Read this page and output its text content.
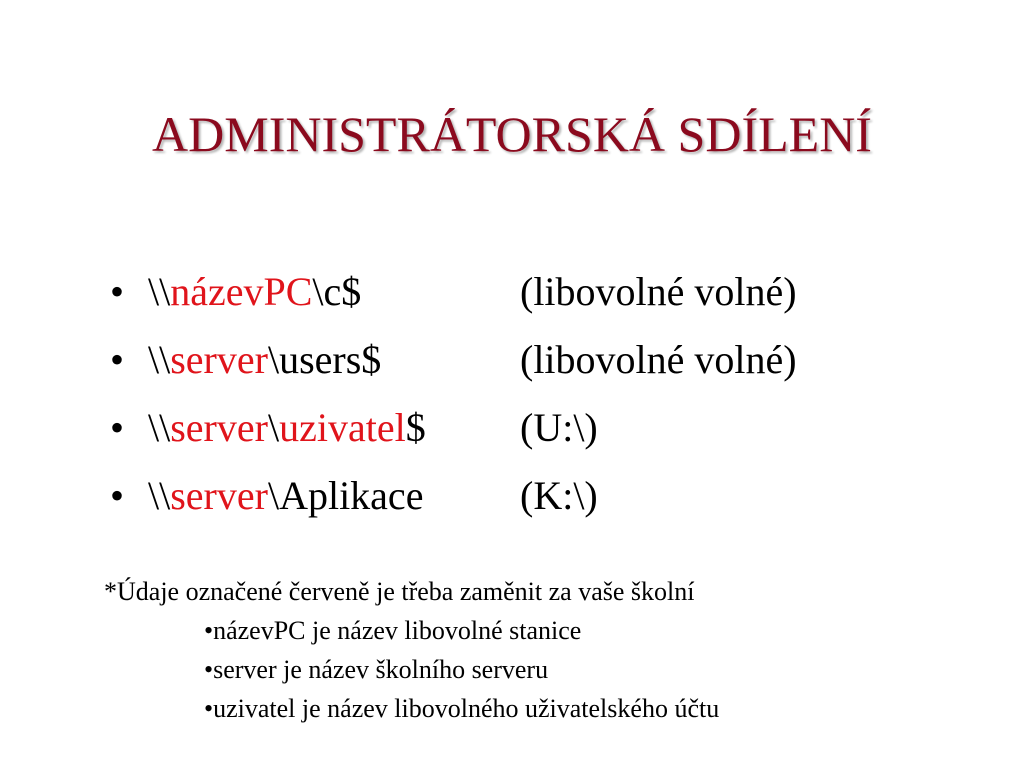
ADMINISTRÁTORSKÁ SDÍLENÍ
• \\názevPC\c$	(libovolné volné)
• \\server\users$	(libovolné volné)
• \\server\uzivatel$ (U:\)
• \\server\Aplikace (K:\)
*Údaje označené červeně je třeba zaměnit za vaše školní
•názevPC je název libovolné stanice
•server je název školního serveru
•uzivatel je název libovolného uživatelského účtu
